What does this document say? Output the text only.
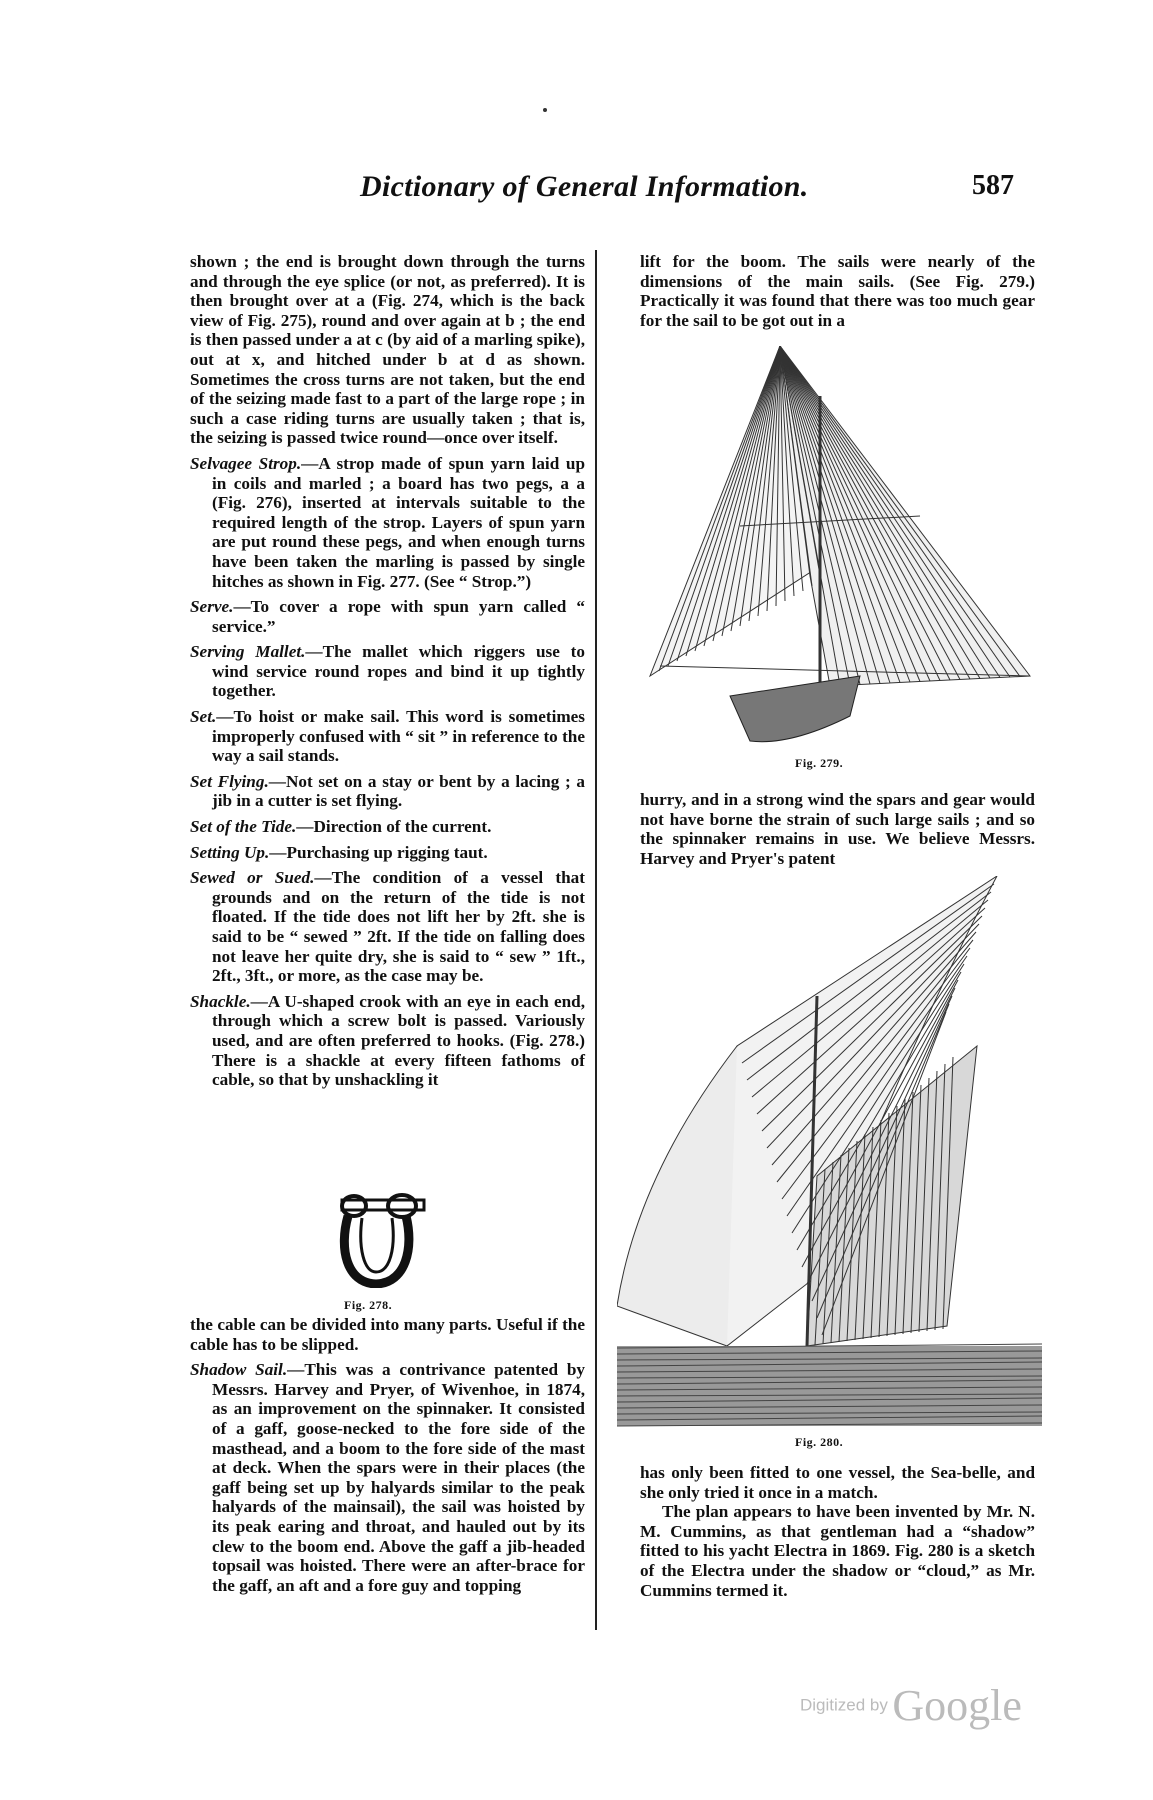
Dictionary of General Information.	587

shown ; the end is brought down through the turns and through the eye splice (or not, as preferred). It is then brought over at a (Fig. 274, which is the back view of Fig. 275), round and over again at b ; the end is then passed under a at c (by aid of a marling spike), out at x, and hitched under b at d as shown. Sometimes the cross turns are not taken, but the end of the seizing made fast to a part of the large rope ; in such a case riding turns are usually taken ; that is, the seizing is passed twice round—once over itself.

Selvagee Strop.—A strop made of spun yarn laid up in coils and marled ; a board has two pegs, a a (Fig. 276), inserted at intervals suitable to the required length of the strop. Layers of spun yarn are put round these pegs, and when enough turns have been taken the marling is passed by single hitches as shown in Fig. 277. (See “ Strop.”)

Serve.—To cover a rope with spun yarn called “ service.”

Serving Mallet.—The mallet which riggers use to wind service round ropes and bind it up tightly together.

Set.—To hoist or make sail. This word is sometimes improperly confused with “ sit ” in reference to the way a sail stands.

Set Flying.—Not set on a stay or bent by a lacing ; a jib in a cutter is set flying.

Set of the Tide.—Direction of the current.

Setting Up.—Purchasing up rigging taut.

Sewed or Sued.—The condition of a vessel that grounds and on the return of the tide is not floated. If the tide does not lift her by 2ft. she is said to be “ sewed ” 2ft. If the tide on falling does not leave her quite dry, she is said to “ sew ” 1ft., 2ft., 3ft., or more, as the case may be.

Shackle.—A U-shaped crook with an eye in each end, through which a screw bolt is passed. Variously used, and are often preferred to hooks. (Fig. 278.) There is a shackle at every fifteen fathoms of cable, so that by unshackling it

Fig. 278.

the cable can be divided into many parts. Useful if the cable has to be slipped.

Shadow Sail.—This was a contrivance patented by Messrs. Harvey and Pryer, of Wivenhoe, in 1874, as an improvement on the spinnaker. It consisted of a gaff, goose-necked to the fore side of the masthead, and a boom to the fore side of the mast at deck. When the spars were in their places (the gaff being set up by halyards similar to the peak halyards of the mainsail), the sail was hoisted by its peak earing and throat, and hauled out by its clew to the boom end. Above the gaff a jib-headed topsail was hoisted. There were an after-brace for the gaff, an aft and a fore guy and topping

lift for the boom. The sails were nearly of the dimensions of the main sails. (See Fig. 279.) Practically it was found that there was too much gear for the sail to be got out in a

Fig. 279.

hurry, and in a strong wind the spars and gear would not have borne the strain of such large sails ; and so the spinnaker remains in use. We believe Messrs. Harvey and Pryer's patent

Fig. 280.

has only been fitted to one vessel, the Sea-belle, and she only tried it once in a match.

The plan appears to have been invented by Mr. N. M. Cummins, as that gentleman had a “shadow” fitted to his yacht Electra in 1869. Fig. 280 is a sketch of the Electra under the shadow or “cloud,” as Mr. Cummins termed it.

Digitized by Google
